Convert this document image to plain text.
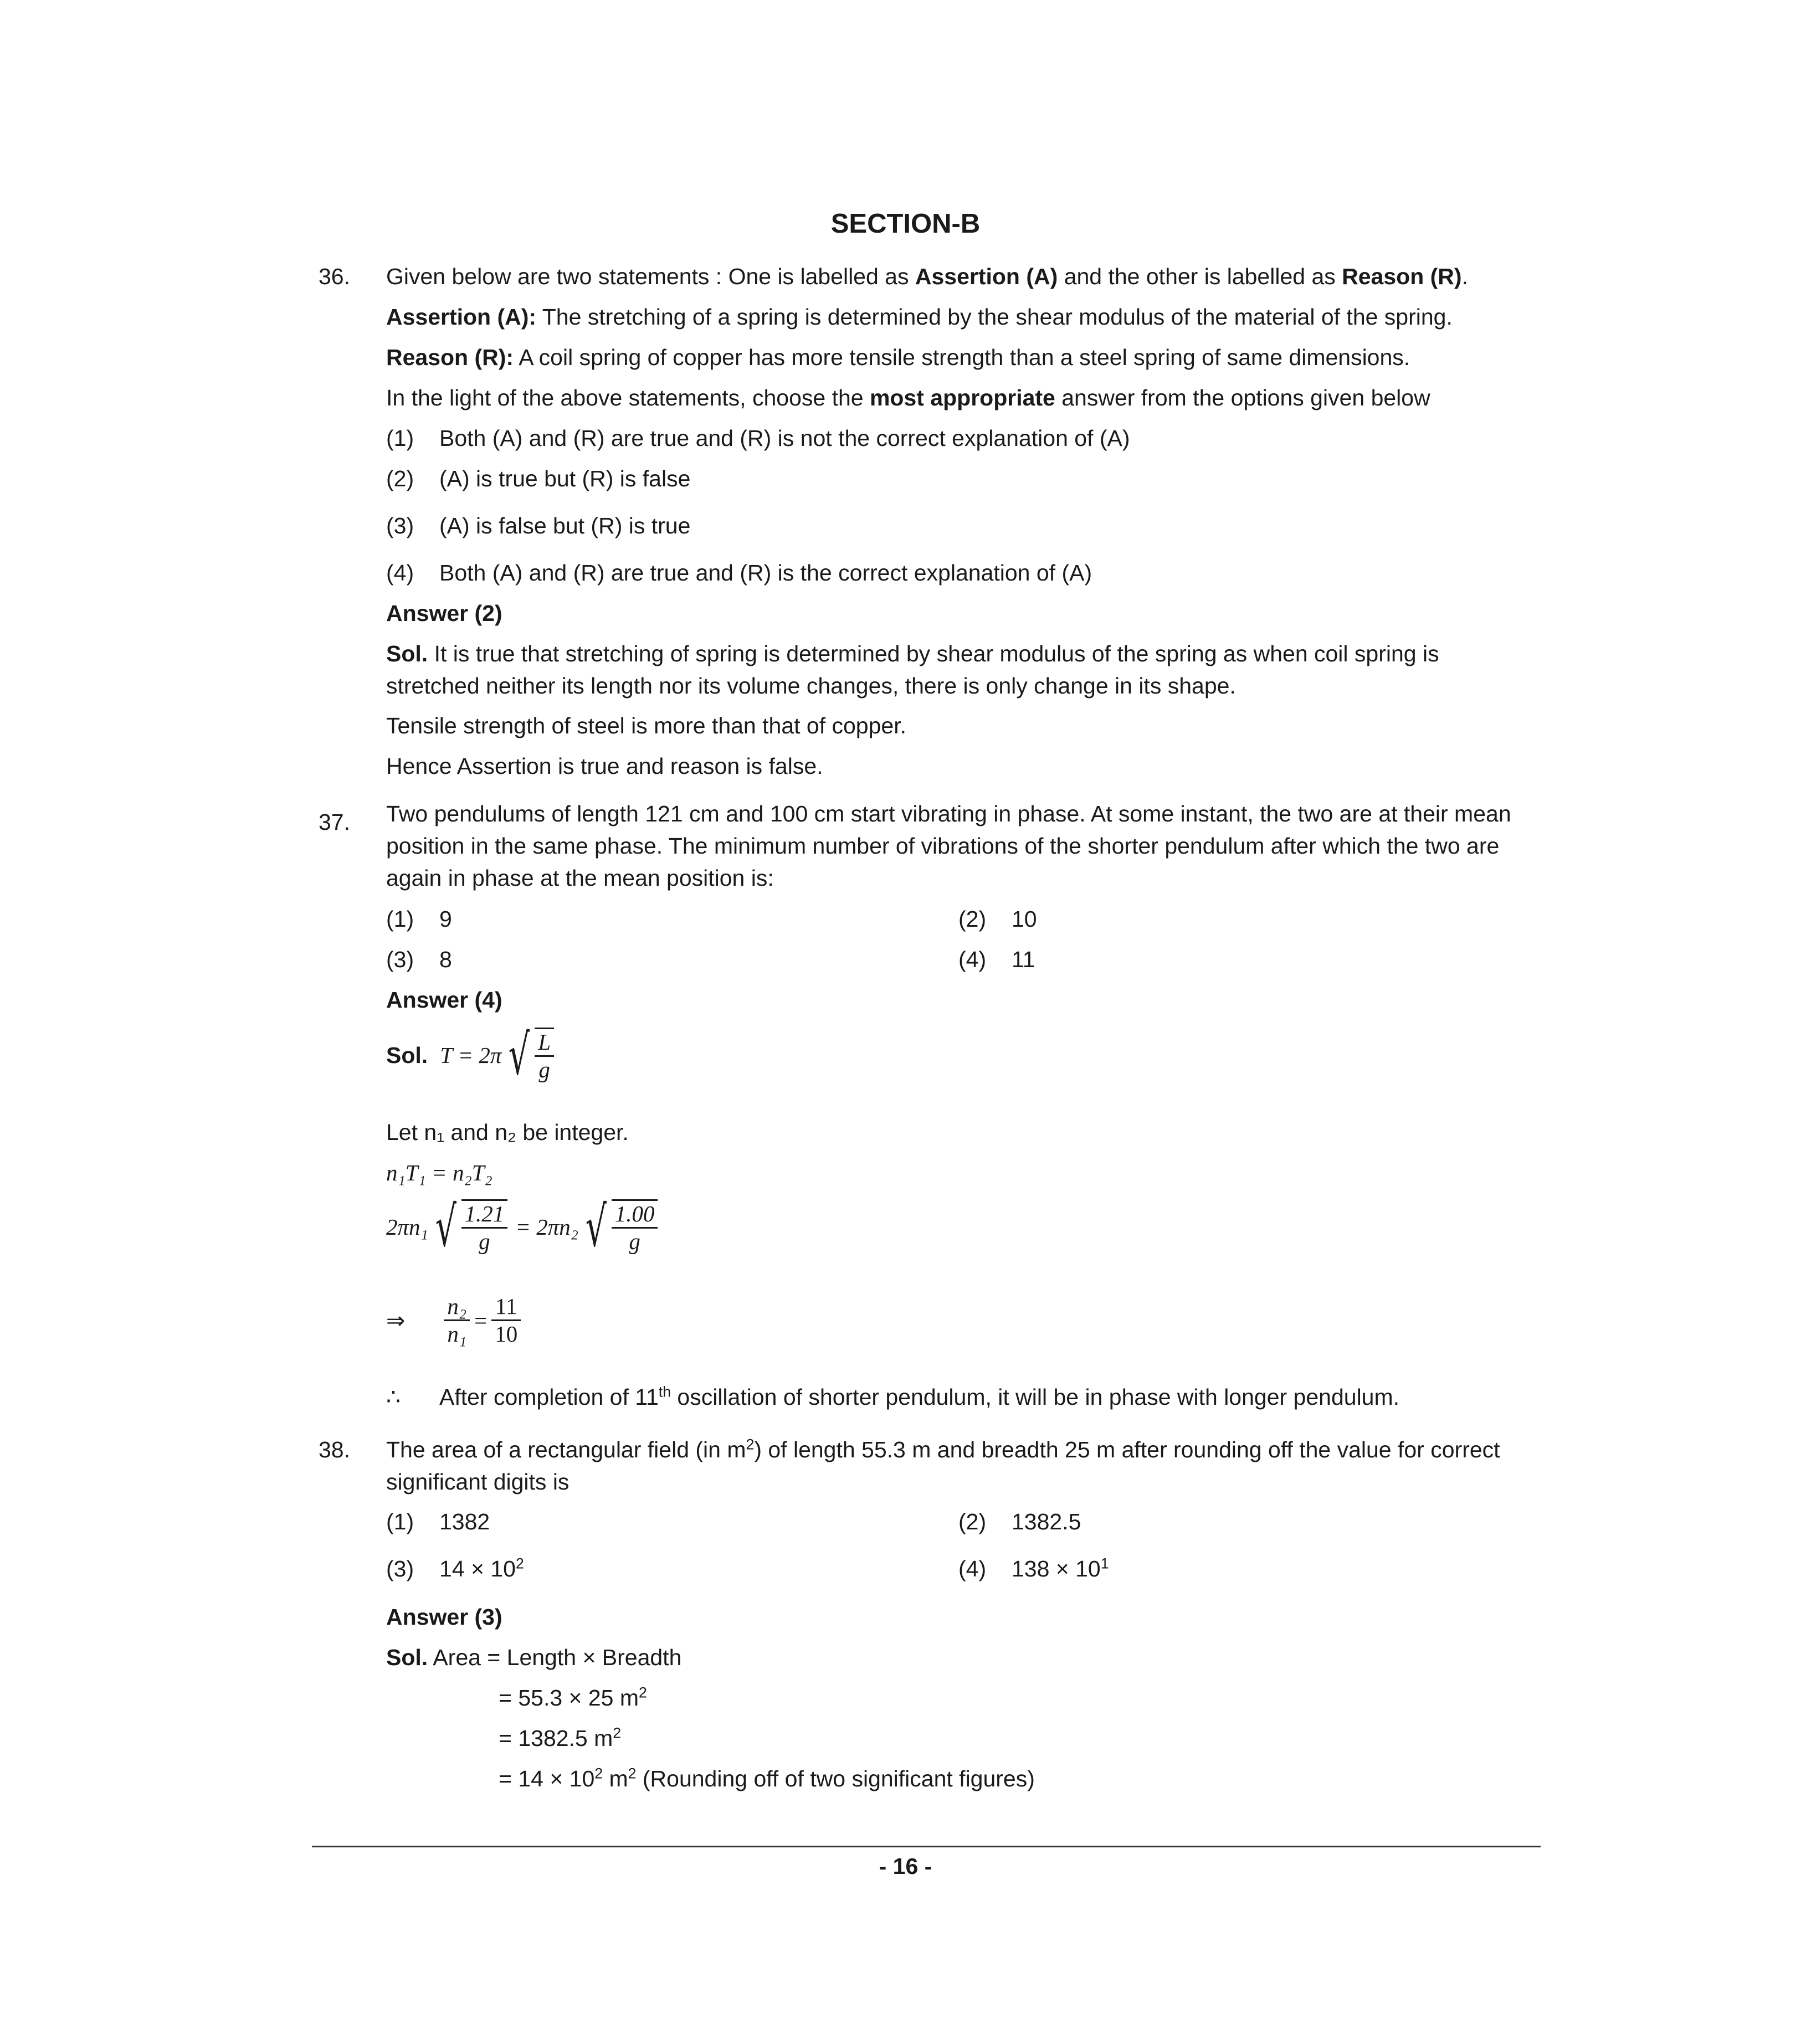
SECTION-B
36. Given below are two statements : One is labelled as Assertion (A) and the other is labelled as Reason (R).
Assertion (A): The stretching of a spring is determined by the shear modulus of the material of the spring.
Reason (R): A coil spring of copper has more tensile strength than a steel spring of same dimensions.
In the light of the above statements, choose the most appropriate answer from the options given below
(1) Both (A) and (R) are true and (R) is not the correct explanation of (A)
(2) (A) is true but (R) is false
(3) (A) is false but (R) is true
(4) Both (A) and (R) are true and (R) is the correct explanation of (A)
Answer (2)
Sol. It is true that stretching of spring is determined by shear modulus of the spring as when coil spring is stretched neither its length nor its volume changes, there is only change in its shape.
Tensile strength of steel is more than that of copper.
Hence Assertion is true and reason is false.
37. Two pendulums of length 121 cm and 100 cm start vibrating in phase. At some instant, the two are at their mean position in the same phase. The minimum number of vibrations of the shorter pendulum after which the two are again in phase at the mean position is:
(1) 9	(2) 10
(3) 8	(4) 11
Answer (4)
Sol. T = 2π √ $\frac{L}{g}$
Let n₁ and n₂ be integer.
n₁T₁ = n₂T₂
2πn₁ √ $\frac{1.21}{g} = 2\pi n_2$ √ $\frac{1.00}{g}$
⇒ $\frac{\text{n₂}}{\text{n₁}} = \frac{11}{10}$
∴ After completion of 11th oscillation of shorter pendulum, it will be in phase with longer pendulum.
38. The area of a rectangular field (in $m^2$) of length 55.3 m and breadth 25 m after rounding off the value for correct significant digits is
(1) 1382	(2) 1382.5
(3) $14 \times 10^2$	(4) $138 \times 10^1$
Answer (3)
Sol. Area = Length × Breadth
= 55.3 × 25 $m^2$
= 1382.5 $m^2$
= $14 \times 10^2$ $m^2$ (Rounding off of two significant figures)
- 16 -
